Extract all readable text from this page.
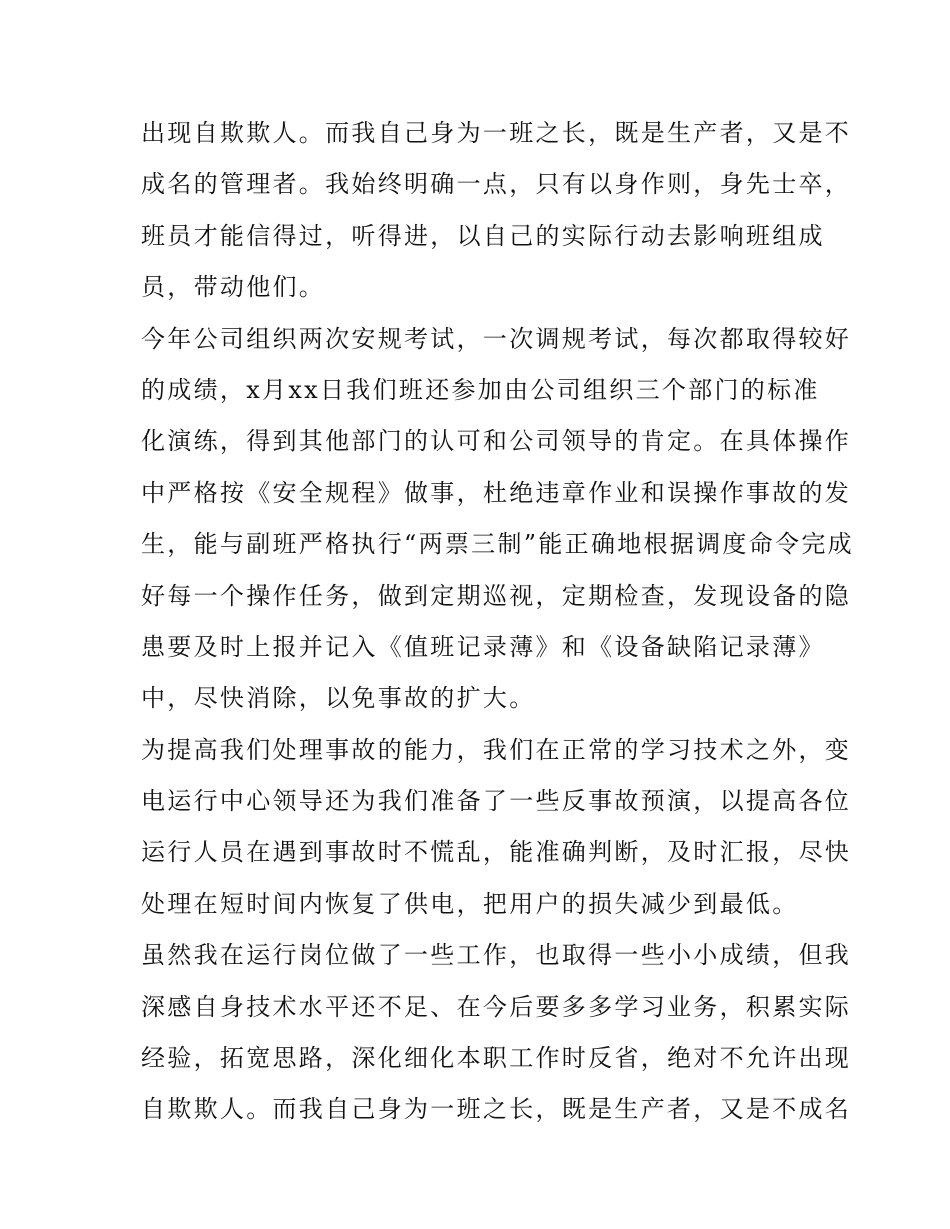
出现自欺欺人。而我自己身为一班之长，既是生产者，又是不
成名的管理者。我始终明确一点，只有以身作则，身先士卒，
班员才能信得过，听得进，以自己的实际行动去影响班组成
员，带动他们。
今年公司组织两次安规考试，一次调规考试，每次都取得较好
的成绩，x月xx日我们班还参加由公司组织三个部门的标准
化演练，得到其他部门的认可和公司领导的肯定。在具体操作
中严格按《安全规程》做事，杜绝违章作业和误操作事故的发
生，能与副班严格执行“两票三制”能正确地根据调度命令完成
好每一个操作任务，做到定期巡视，定期检查，发现设备的隐
患要及时上报并记入《值班记录薄》和《设备缺陷记录薄》
中，尽快消除，以免事故的扩大。
为提高我们处理事故的能力，我们在正常的学习技术之外，变
电运行中心领导还为我们准备了一些反事故预演，以提高各位
运行人员在遇到事故时不慌乱，能准确判断，及时汇报，尽快
处理在短时间内恢复了供电，把用户的损失减少到最低。
虽然我在运行岗位做了一些工作，也取得一些小小成绩，但我
深感自身技术水平还不足、在今后要多多学习业务，积累实际
经验，拓宽思路，深化细化本职工作时反省，绝对不允许出现
自欺欺人。而我自己身为一班之长，既是生产者，又是不成名
